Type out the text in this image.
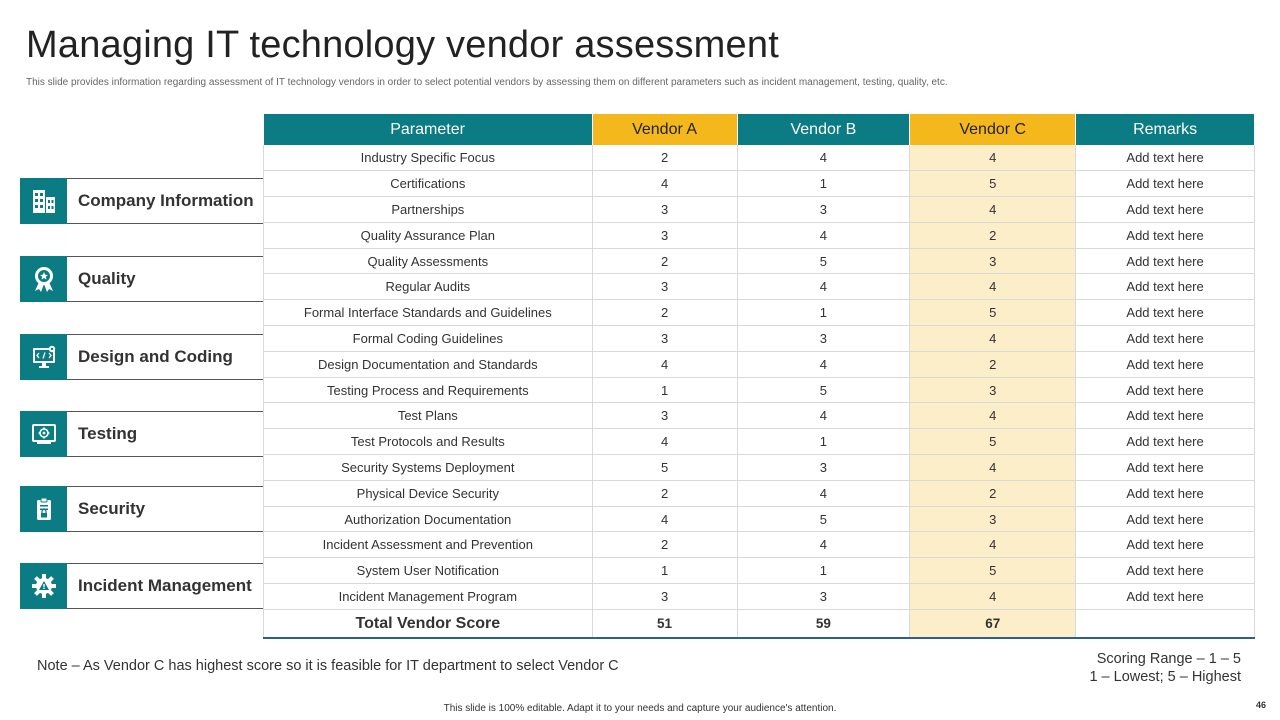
Managing IT technology vendor assessment
This slide provides information regarding assessment of IT technology vendors in order to select potential vendors by assessing them on different parameters such as incident management, testing, quality, etc.
Company Information
Quality
Design and Coding
Testing
Security
Incident Management
Parameter	Vendor A	Vendor B	Vendor C	Remarks
Industry Specific Focus	2	4	4	Add text here
Certifications	4	1	5	Add text here
Partnerships	3	3	4	Add text here
Quality Assurance Plan	3	4	2	Add text here
Quality Assessments	2	5	3	Add text here
Regular Audits	3	4	4	Add text here
Formal Interface Standards and Guidelines	2	1	5	Add text here
Formal Coding Guidelines	3	3	4	Add text here
Design Documentation and Standards	4	4	2	Add text here
Testing Process and Requirements	1	5	3	Add text here
Test Plans	3	4	4	Add text here
Test Protocols and Results	4	1	5	Add text here
Security Systems Deployment	5	3	4	Add text here
Physical Device Security	2	4	2	Add text here
Authorization Documentation	4	5	3	Add text here
Incident Assessment and Prevention	2	4	4	Add text here
System User Notification	1	1	5	Add text here
Incident Management Program	3	3	4	Add text here
Total Vendor Score	51	59	67	
Note – As Vendor C has highest score so it is feasible for IT department to select Vendor C	Scoring Range – 1 – 5
1 – Lowest; 5 – Highest
This slide is 100% editable. Adapt it to your needs and capture your audience's attention.	46
